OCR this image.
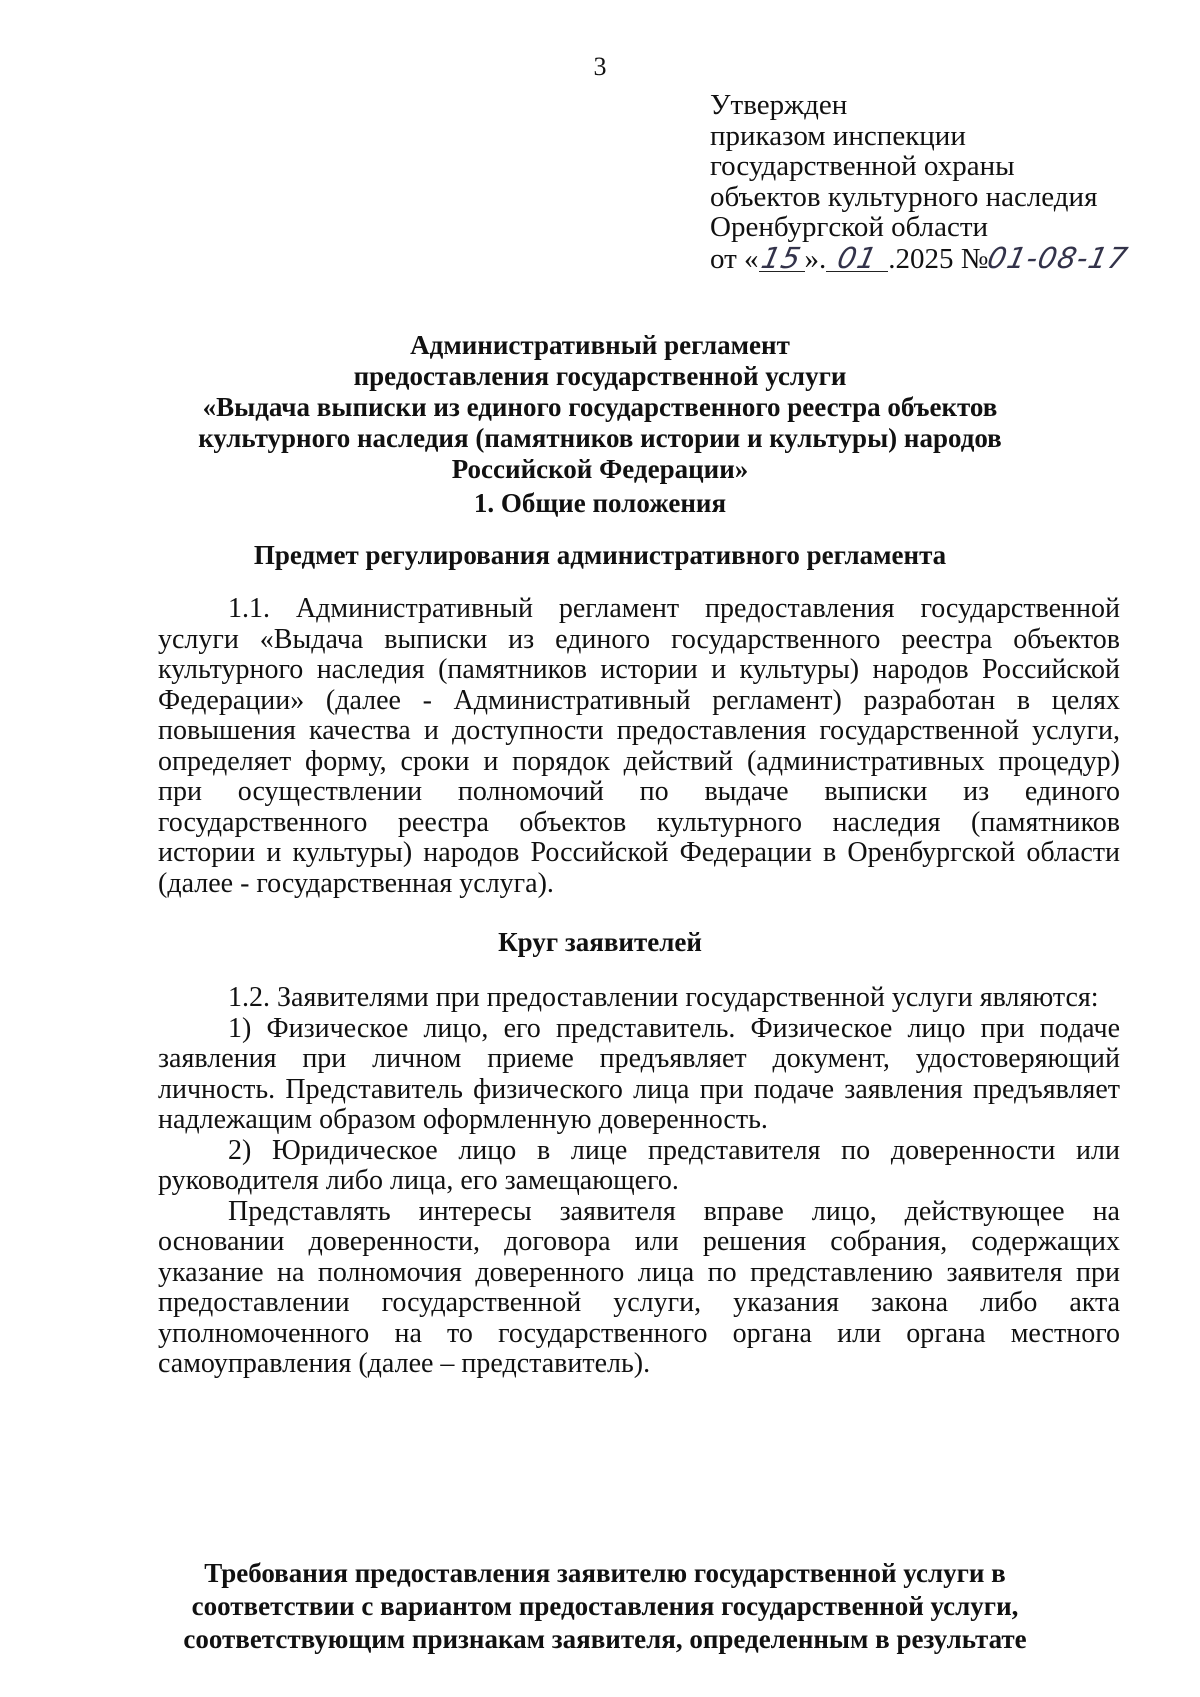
3
Утвержден
приказом инспекции
государственной охраны
объектов культурного наследия
Оренбургской области
от «15». 01 .2025 №01-08-17
Административный регламент
предоставления государственной услуги
«Выдача выписки из единого государственного реестра объектов
культурного наследия (памятников истории и культуры) народов
Российской Федерации»
1. Общие положения
Предмет регулирования административного регламента
1.1. Административный регламент предоставления государственной
услуги «Выдача выписки из единого государственного реестра объектов
культурного наследия (памятников истории и культуры) народов Российской
Федерации» (далее - Административный регламент) разработан в целях
повышения качества и доступности предоставления государственной услуги,
определяет форму, сроки и порядок действий (административных процедур)
при осуществлении полномочий по выдаче выписки из единого
государственного реестра объектов культурного наследия (памятников
истории и культуры) народов Российской Федерации в Оренбургской области
(далее - государственная услуга).
Круг заявителей
1.2. Заявителями при предоставлении государственной услуги являются:
1) Физическое лицо, его представитель. Физическое лицо при подаче
заявления при личном приеме предъявляет документ, удостоверяющий
личность. Представитель физического лица при подаче заявления предъявляет
надлежащим образом оформленную доверенность.
2) Юридическое лицо в лице представителя по доверенности или
руководителя либо лица, его замещающего.
Представлять интересы заявителя вправе лицо, действующее на
основании доверенности, договора или решения собрания, содержащих
указание на полномочия доверенного лица по представлению заявителя при
предоставлении государственной услуги, указания закона либо акта
уполномоченного на то государственного органа или органа местного
самоуправления (далее – представитель).
Требования предоставления заявителю государственной услуги в
соответствии с вариантом предоставления государственной услуги,
соответствующим признакам заявителя, определенным в результате
